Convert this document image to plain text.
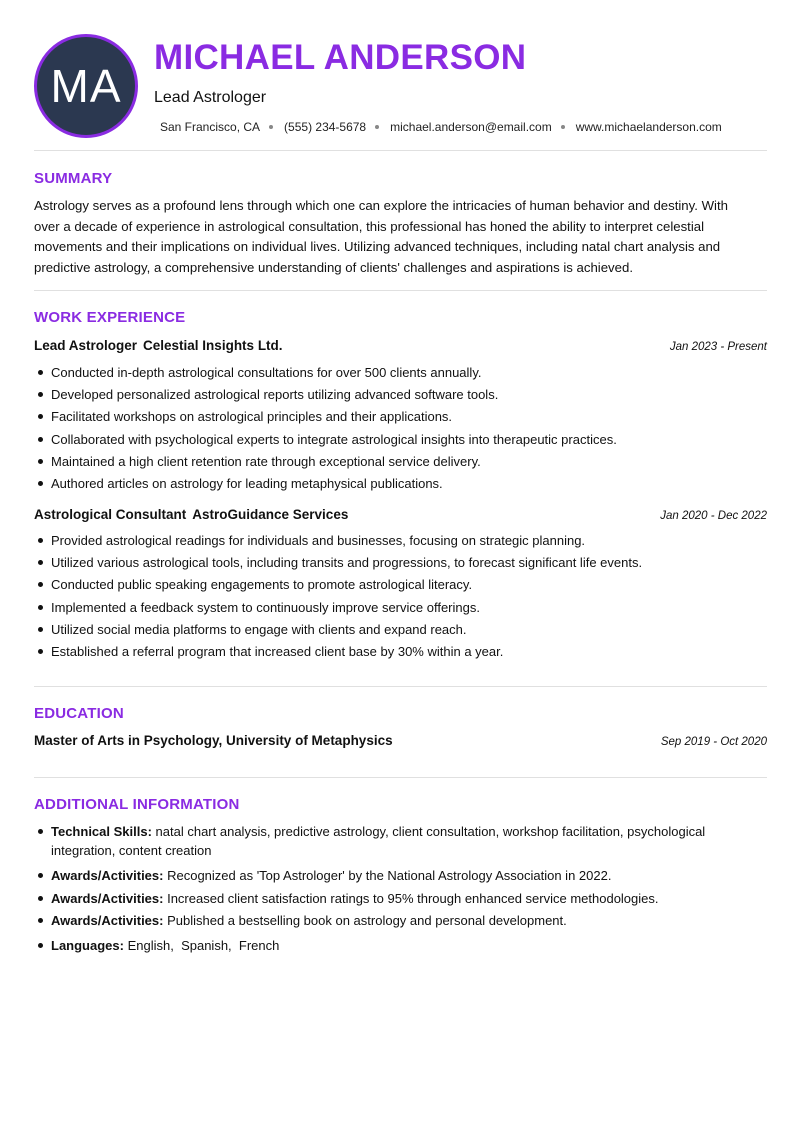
MA
MICHAEL ANDERSON
Lead Astrologer
San Francisco, CA (555) 234-5678 michael.anderson@email.com www.michaelanderson.com
SUMMARY
Astrology serves as a profound lens through which one can explore the intricacies of human behavior and destiny. With over a decade of experience in astrological consultation, this professional has honed the ability to interpret celestial movements and their implications on individual lives. Utilizing advanced techniques, including natal chart analysis and predictive astrology, a comprehensive understanding of clients' challenges and aspirations is achieved.
WORK EXPERIENCE
Lead Astrologer Celestial Insights Ltd.	Jan 2023 - Present
Conducted in-depth astrological consultations for over 500 clients annually.
Developed personalized astrological reports utilizing advanced software tools.
Facilitated workshops on astrological principles and their applications.
Collaborated with psychological experts to integrate astrological insights into therapeutic practices.
Maintained a high client retention rate through exceptional service delivery.
Authored articles on astrology for leading metaphysical publications.
Astrological Consultant AstroGuidance Services	Jan 2020 - Dec 2022
Provided astrological readings for individuals and businesses, focusing on strategic planning.
Utilized various astrological tools, including transits and progressions, to forecast significant life events.
Conducted public speaking engagements to promote astrological literacy.
Implemented a feedback system to continuously improve service offerings.
Utilized social media platforms to engage with clients and expand reach.
Established a referral program that increased client base by 30% within a year.
EDUCATION
Master of Arts in Psychology, University of Metaphysics	Sep 2019 - Oct 2020
ADDITIONAL INFORMATION
Technical Skills: natal chart analysis, predictive astrology, client consultation, workshop facilitation, psychological integration, content creation
Awards/Activities: Recognized as 'Top Astrologer' by the National Astrology Association in 2022.
Awards/Activities: Increased client satisfaction ratings to 95% through enhanced service methodologies.
Awards/Activities: Published a bestselling book on astrology and personal development.
Languages: English,  Spanish,  French
